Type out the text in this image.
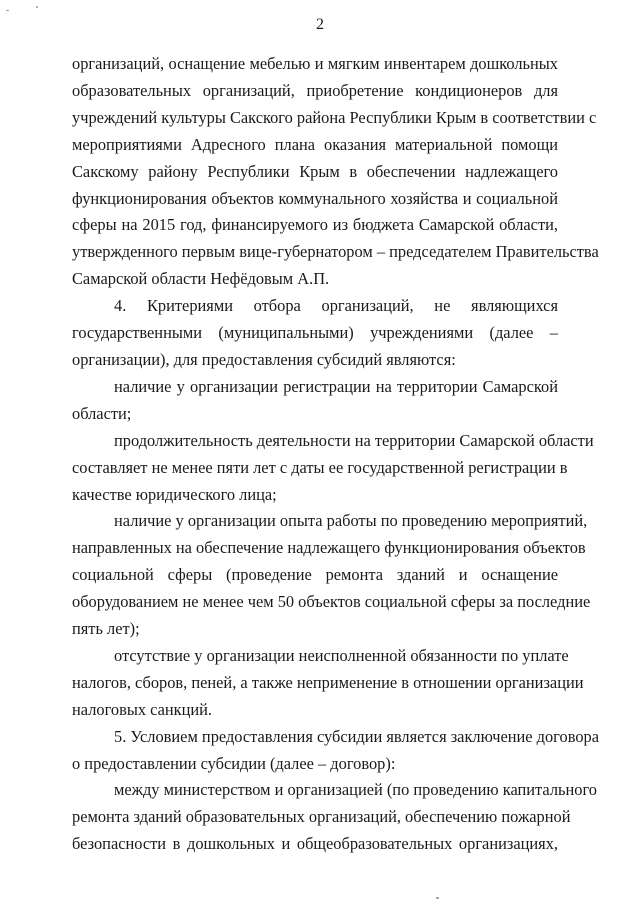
2
организаций, оснащение мебелью и мягким инвентарем дошкольных
образовательных организаций, приобретение кондиционеров для
учреждений культуры Сакского района Республики Крым в соответствии с
мероприятиями Адресного плана оказания материальной помощи
Сакскому району Республики Крым в обеспечении надлежащего
функционирования объектов коммунального хозяйства и социальной
сферы на 2015 год, финансируемого из бюджета Самарской области,
утвержденного первым вице-губернатором – председателем Правительства
Самарской области Нефёдовым А.П.
4. Критериями отбора организаций, не являющихся
государственными (муниципальными) учреждениями (далее –
организации), для предоставления субсидий являются:
наличие у организации регистрации на территории Самарской
области;
продолжительность деятельности на территории Самарской области
составляет не менее пяти лет с даты ее государственной регистрации в
качестве юридического лица;
наличие у организации опыта работы по проведению мероприятий,
направленных на обеспечение надлежащего функционирования объектов
социальной сферы (проведение ремонта зданий и оснащение
оборудованием не менее чем 50 объектов социальной сферы за последние
пять лет);
отсутствие у организации неисполненной обязанности по уплате
налогов, сборов, пеней, а также неприменение в отношении организации
налоговых санкций.
5. Условием предоставления субсидии является заключение договора
о предоставлении субсидии (далее – договор):
между министерством и организацией (по проведению капитального
ремонта зданий образовательных организаций, обеспечению пожарной
безопасности в дошкольных и общеобразовательных организациях,
